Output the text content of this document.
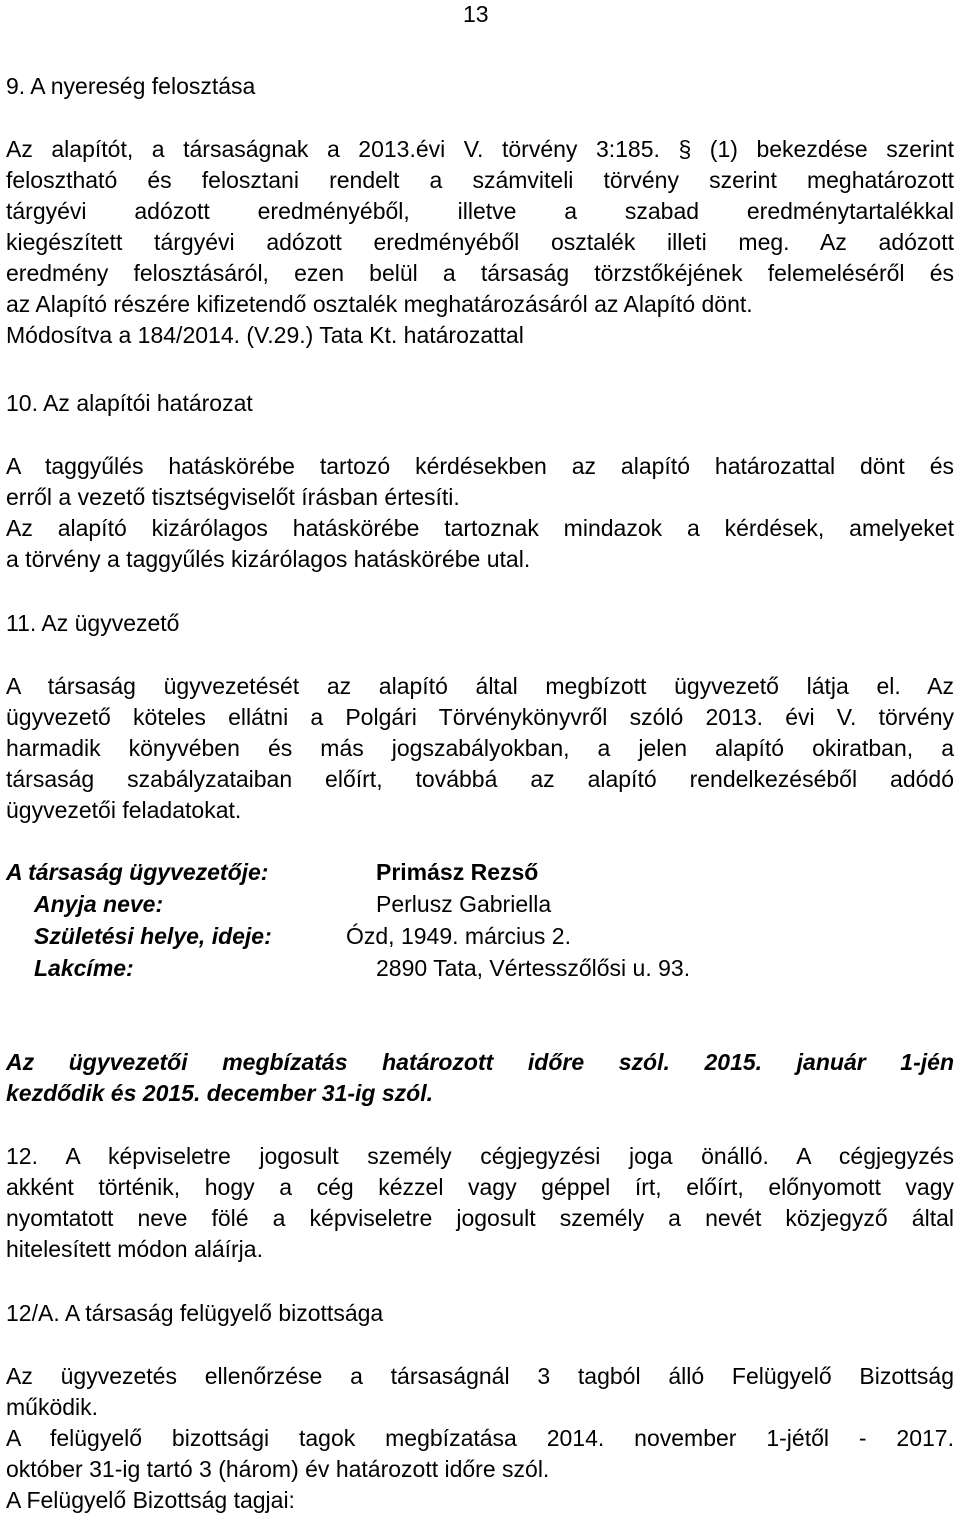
13
9. A nyereség felosztása
Az alapítót, a társaságnak a 2013.évi V. törvény 3:185. § (1) bekezdése szerint
felosztható és felosztani rendelt a számviteli törvény szerint meghatározott
tárgyévi adózott eredményéből, illetve a szabad eredménytartalékkal
kiegészített tárgyévi adózott eredményéből osztalék illeti meg. Az adózott
eredmény felosztásáról, ezen belül a társaság törzstőkéjének felemeléséről és
az Alapító részére kifizetendő osztalék meghatározásáról az Alapító dönt.
Módosítva a 184/2014. (V.29.) Tata Kt. határozattal
10. Az alapítói határozat
A taggyűlés hatáskörébe tartozó kérdésekben az alapító határozattal dönt és
erről a vezető tisztségviselőt írásban értesíti.
Az alapító kizárólagos hatáskörébe tartoznak mindazok a kérdések, amelyeket
a törvény a taggyűlés kizárólagos hatáskörébe utal.
11. Az ügyvezető
A társaság ügyvezetését az alapító által megbízott ügyvezető látja el. Az
ügyvezető köteles ellátni a Polgári Törvénykönyvről szóló 2013. évi V. törvény
harmadik könyvében és más jogszabályokban, a jelen alapító okiratban, a
társaság szabályzataiban előírt, továbbá az alapító rendelkezéséből adódó
ügyvezetői feladatokat.
A társaság ügyvezetője:	Primász Rezső
Anyja neve:	Perlusz Gabriella
Születési helye, ideje:	Ózd, 1949. március 2.
Lakcíme:	2890 Tata, Vértesszőlősi u. 93.
Az ügyvezetői megbízatás határozott időre szól. 2015. január 1-jén
kezdődik és 2015. december 31-ig szól.
12. A képviseletre jogosult személy cégjegyzési joga önálló. A cégjegyzés
akként történik, hogy a cég kézzel vagy géppel írt, előírt, előnyomott vagy
nyomtatott neve fölé a képviseletre jogosult személy a nevét közjegyző által
hitelesített módon aláírja.
12/A. A társaság felügyelő bizottsága
Az ügyvezetés ellenőrzése a társaságnál 3 tagból álló Felügyelő Bizottság
működik.
A felügyelő bizottsági tagok megbízatása 2014. november 1-jétől - 2017.
október 31-ig tartó 3 (három) év határozott időre szól.
A Felügyelő Bizottság tagjai:
